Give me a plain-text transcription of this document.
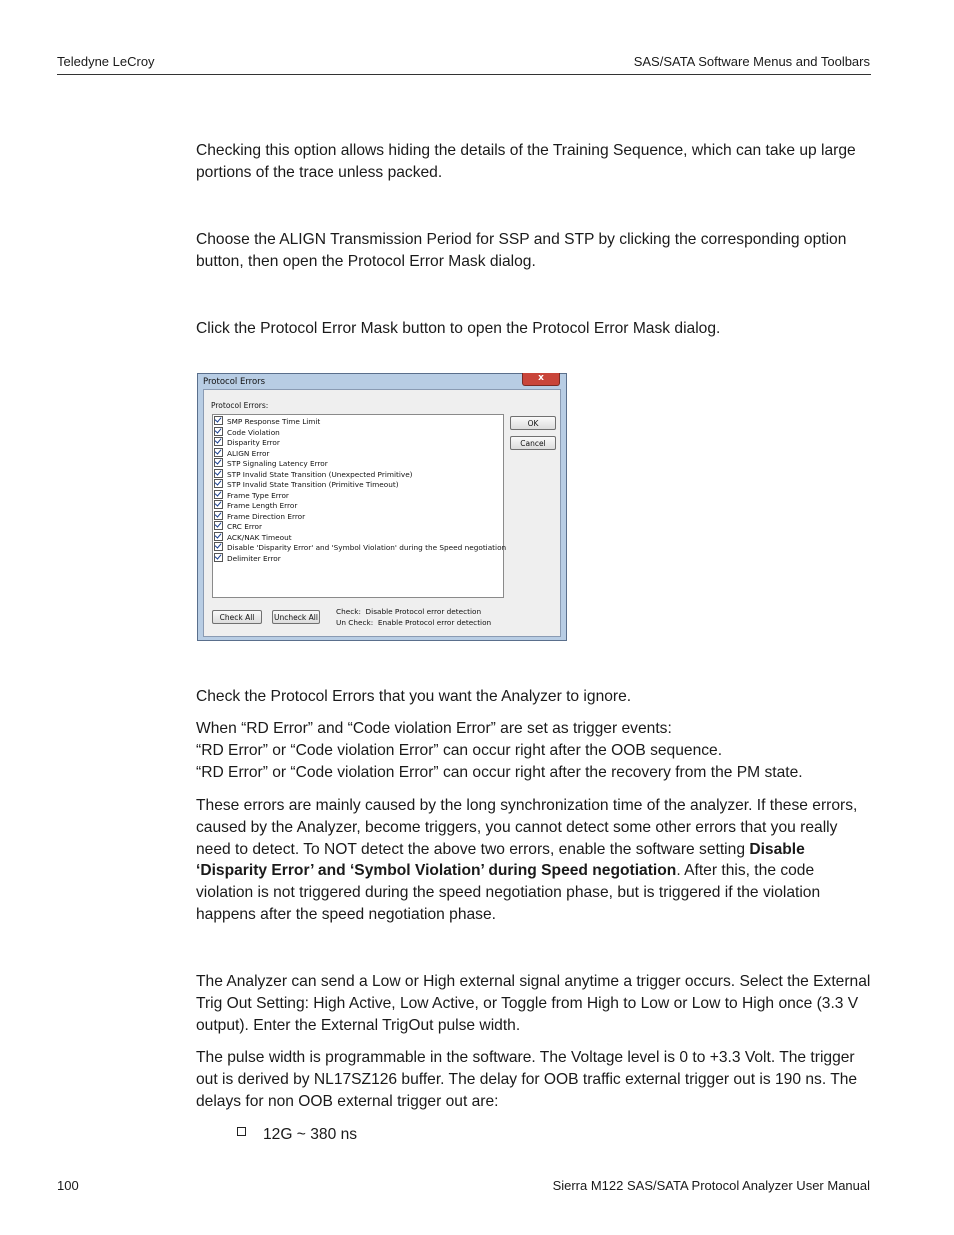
Teledyne LeCroy	SAS/SATA Software Menus and Toolbars

Checking this option allows hiding the details of the Training Sequence, which can take up large portions of the trace unless packed.

Choose the ALIGN Transmission Period for SSP and STP by clicking the corresponding option button, then open the Protocol Error Mask dialog.

Click the Protocol Error Mask button to open the Protocol Error Mask dialog.

Protocol Errors	x
Protocol Errors:
SMP Response Time Limit
Code Violation
Disparity Error
ALIGN Error
STP Signaling Latency Error
STP Invalid State Transition (Unexpected Primitive)
STP Invalid State Transition (Primitive Timeout)
Frame Type Error
Frame Length Error
Frame Direction Error
CRC Error
ACK/NAK Timeout
Disable 'Disparity Error' and 'Symbol Violation' during the Speed negotiation
Delimiter Error
OK
Cancel
Check All	Uncheck All
Check:  Disable Protocol error detection
Un Check:  Enable Protocol error detection

Check the Protocol Errors that you want the Analyzer to ignore.

When “RD Error” and “Code violation Error” are set as trigger events:
“RD Error” or “Code violation Error” can occur right after the OOB sequence.
“RD Error” or “Code violation Error” can occur right after the recovery from the PM state.

These errors are mainly caused by the long synchronization time of the analyzer. If these errors, caused by the Analyzer, become triggers, you cannot detect some other errors that you really need to detect. To NOT detect the above two errors, enable the software setting Disable ‘Disparity Error’ and ‘Symbol Violation’ during Speed negotiation. After this, the code violation is not triggered during the speed negotiation phase, but is triggered if the violation happens after the speed negotiation phase.

The Analyzer can send a Low or High external signal anytime a trigger occurs. Select the External Trig Out Setting: High Active, Low Active, or Toggle from High to Low or Low to High once (3.3 V output). Enter the External TrigOut pulse width.

The pulse width is programmable in the software. The Voltage level is 0 to +3.3 Volt. The trigger out is derived by NL17SZ126 buffer. The delay for OOB traffic external trigger out is 190 ns. The delays for non OOB external trigger out are:

12G ~ 380 ns
100	Sierra M122 SAS/SATA Protocol Analyzer User Manual
